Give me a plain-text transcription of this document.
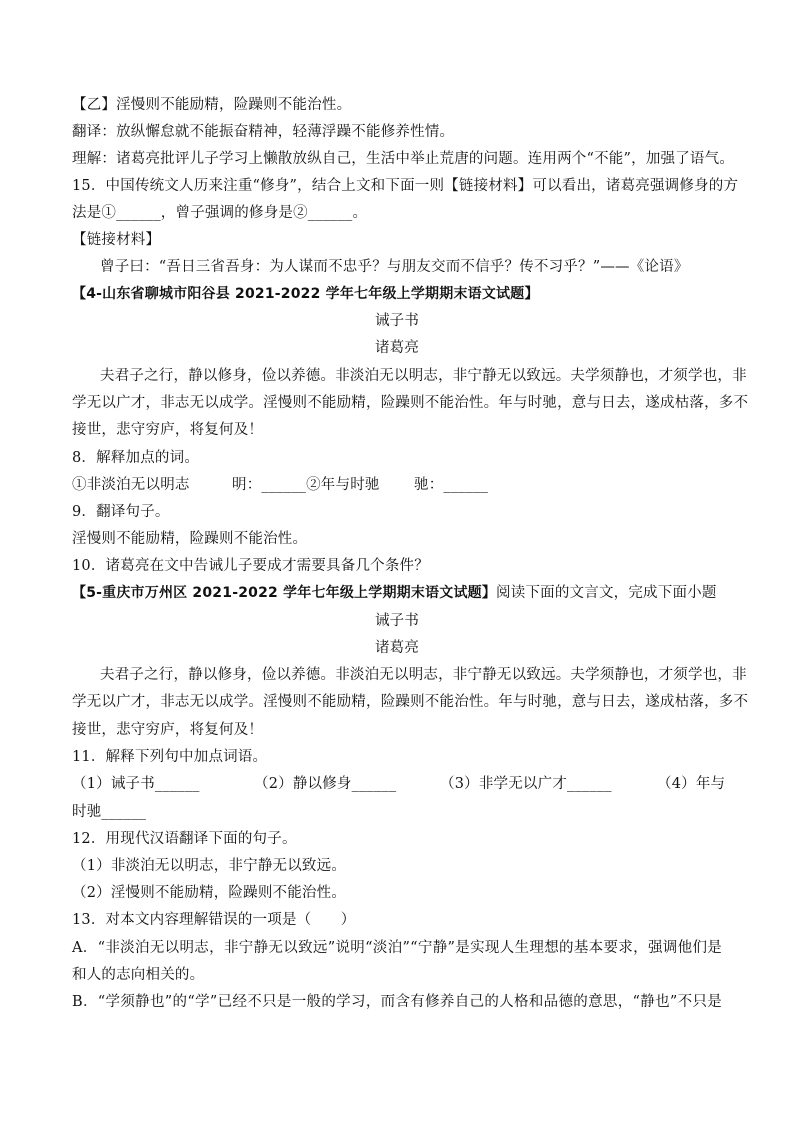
【乙】淫慢则不能励精，险躁则不能治性。
翻译：放纵懈怠就不能振奋精神，轻薄浮躁不能修养性情。
理解：诸葛亮批评儿子学习上懒散放纵自己，生活中举止荒唐的问题。连用两个“不能”，加强了语气。
15．中国传统文人历来注重“修身”，结合上文和下面一则【链接材料】可以看出，诸葛亮强调修身的方
法是①______，曾子强调的修身是②______。
【链接材料】
曾子曰：“吾日三省吾身：为人谋而不忠乎？与朋友交而不信乎？传不习乎？”——《论语》
【4-山东省聊城市阳谷县 2021-2022 学年七年级上学期期末语文试题】
诫子书
诸葛亮
夫君子之行，静以修身，俭以养德。非淡泊无以明志，非宁静无以致远。夫学须静也，才须学也，非
学无以广才，非志无以成学。淫慢则不能励精，险躁则不能治性。年与时驰，意与日去，遂成枯落，多不
接世，悲守穷庐，将复何及！
8．解释加点的词。
①非淡泊无以明志	明：______②年与时驰 驰：______
9．翻译句子。
淫慢则不能励精，险躁则不能治性。
10．诸葛亮在文中告诫儿子要成才需要具备几个条件？
【5-重庆市万州区 2021-2022 学年七年级上学期期末语文试题】阅读下面的文言文，完成下面小题
诫子书
诸葛亮
夫君子之行，静以修身，俭以养德。非淡泊无以明志，非宁静无以致远。夫学须静也，才须学也，非
学无以广才，非志无以成学。淫慢则不能励精，险躁则不能治性。年与时驰，意与日去，遂成枯落，多不
接世，悲守穷庐，将复何及！
11．解释下列句中加点词语。
（1）诫子书______	（2）静以修身______	（3）非学无以广才______	（4）年与
时驰______
12．用现代汉语翻译下面的句子。
（1）非淡泊无以明志，非宁静无以致远。
（2）淫慢则不能励精，险躁则不能治性。
13．对本文内容理解错误的一项是（　　）
A．“非淡泊无以明志，非宁静无以致远”说明“淡泊”“宁静”是实现人生理想的基本要求，强调他们是
和人的志向相关的。
B．“学须静也”的“学”已经不只是一般的学习，而含有修养自己的人格和品德的意思，“静也”不只是
